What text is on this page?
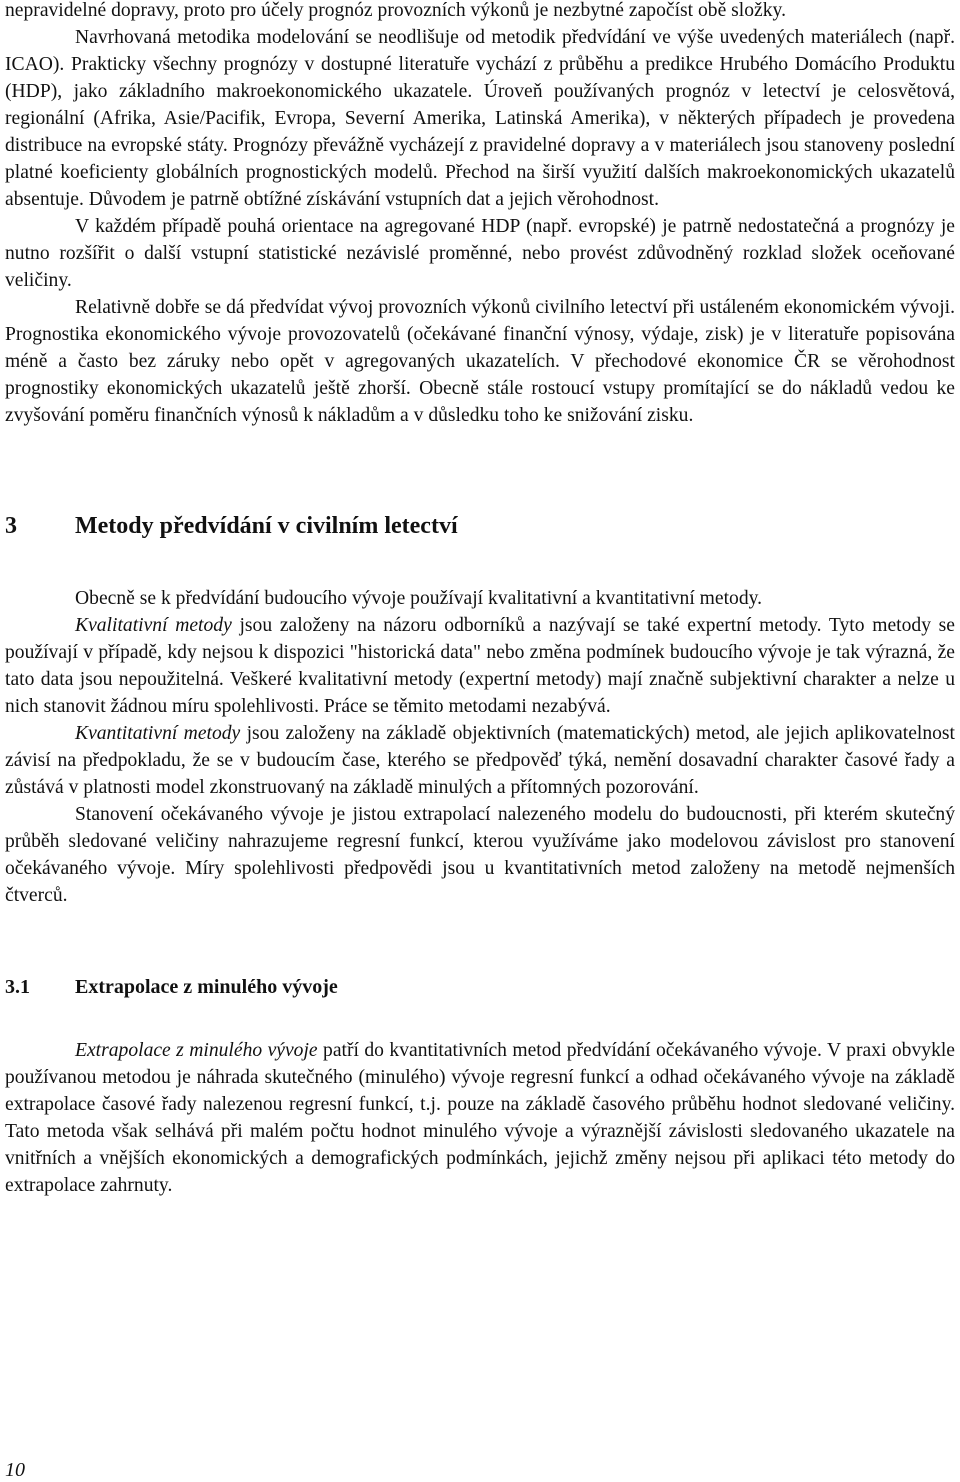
nepravidelné dopravy, proto pro účely prognóz provozních výkonů je nezbytné započíst obě složky.

Navrhovaná metodika modelování se neodlišuje od metodik předvídání ve výše uvedených materiálech (např. ICAO). Prakticky všechny prognózy v dostupné literatuře vychází z průběhu a predikce Hrubého Domácího Produktu (HDP), jako základního makroekonomického ukazatele. Úroveň používaných prognóz v letectví je celosvětová, regionální (Afrika, Asie/Pacifik, Evropa, Severní Amerika, Latinská Amerika), v některých případech je provedena distribuce na evropské státy. Prognózy převážně vycházejí z pravidelné dopravy a v materiálech jsou stanoveny poslední platné koeficienty globálních prognostických modelů. Přechod na širší využití dalších makroekonomických ukazatelů absentuje. Důvodem je patrně obtížné získávání vstupních dat a jejich věrohodnost.

V každém případě pouhá orientace na agregované HDP (např. evropské) je patrně nedostatečná a prognózy je nutno rozšířit o další vstupní statistické nezávislé proměnné, nebo provést zdůvodněný rozklad složek oceňované veličiny.

Relativně dobře se dá předvídat vývoj provozních výkonů civilního letectví při ustáleném ekonomickém vývoji. Prognostika ekonomického vývoje provozovatelů (očekávané finanční výnosy, výdaje, zisk) je v literatuře popisována méně a často bez záruky nebo opět v agregovaných ukazatelích. V přechodové ekonomice ČR se věrohodnost prognostiky ekonomických ukazatelů ještě zhorší. Obecně stále rostoucí vstupy promítající se do nákladů vedou ke zvyšování poměru finančních výnosů k nákladům a v důsledku toho ke snižování zisku.

3	Metody předvídání v civilním letectví

Obecně se k předvídání budoucího vývoje používají kvalitativní a kvantitativní metody.

Kvalitativní metody jsou založeny na názoru odborníků a nazývají se také expertní metody. Tyto metody se používají v případě, kdy nejsou k dispozici "historická data" nebo změna podmínek budoucího vývoje je tak výrazná, že tato data jsou nepoužitelná. Veškeré kvalitativní metody (expertní metody) mají značně subjektivní charakter a nelze u nich stanovit žádnou míru spolehlivosti. Práce se těmito metodami nezabývá.

Kvantitativní metody jsou založeny na základě objektivních (matematických) metod, ale jejich aplikovatelnost závisí na předpokladu, že se v budoucím čase, kterého se předpověď týká, nemění dosavadní charakter časové řady a zůstává v platnosti model zkonstruovaný na základě minulých a přítomných pozorování.

Stanovení očekávaného vývoje je jistou extrapolací nalezeného modelu do budoucnosti, při kterém skutečný průběh sledované veličiny nahrazujeme regresní funkcí, kterou využíváme jako modelovou závislost pro stanovení očekávaného vývoje. Míry spolehlivosti předpovědi jsou u kvantitativních metod založeny na metodě nejmenších čtverců.

3.1	Extrapolace z minulého vývoje

Extrapolace z minulého vývoje patří do kvantitativních metod předvídání očekávaného vývoje. V praxi obvykle používanou metodou je náhrada skutečného (minulého) vývoje regresní funkcí a odhad očekávaného vývoje na základě extrapolace časové řady nalezenou regresní funkcí, t.j. pouze na základě časového průběhu hodnot sledované veličiny. Tato metoda však selhává při malém počtu hodnot minulého vývoje a výraznější závislosti sledovaného ukazatele na vnitřních a vnějších ekonomických a demografických podmínkách, jejichž změny nejsou při aplikaci této metody do extrapolace zahrnuty.

10
